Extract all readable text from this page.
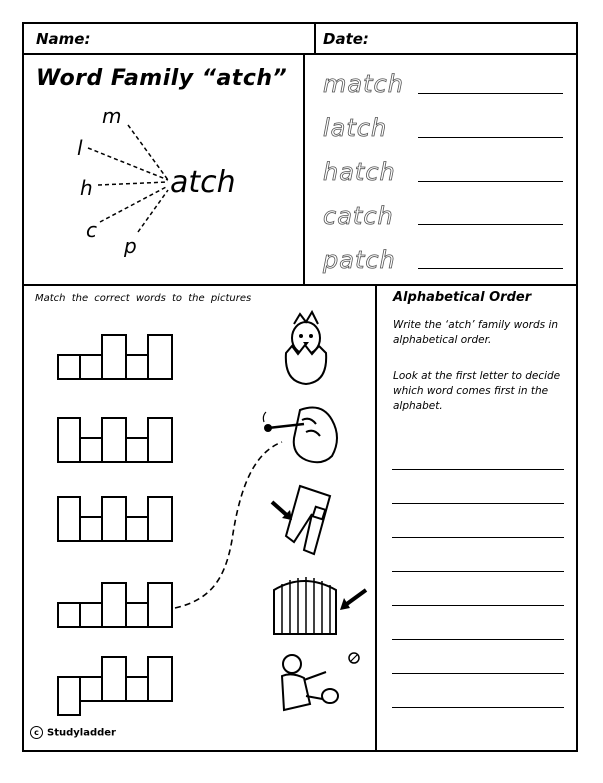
Name:	Date:
Word Family “atch”
m
l
h
c
p
atch
match
latch
hatch
catch
patch
Match the correct words to the pictures	Alphabetical Order
Write the ‘atch’ family words in alphabetical order.
Look at the first letter to decide which word comes first in the alphabet.
c Studyladder
